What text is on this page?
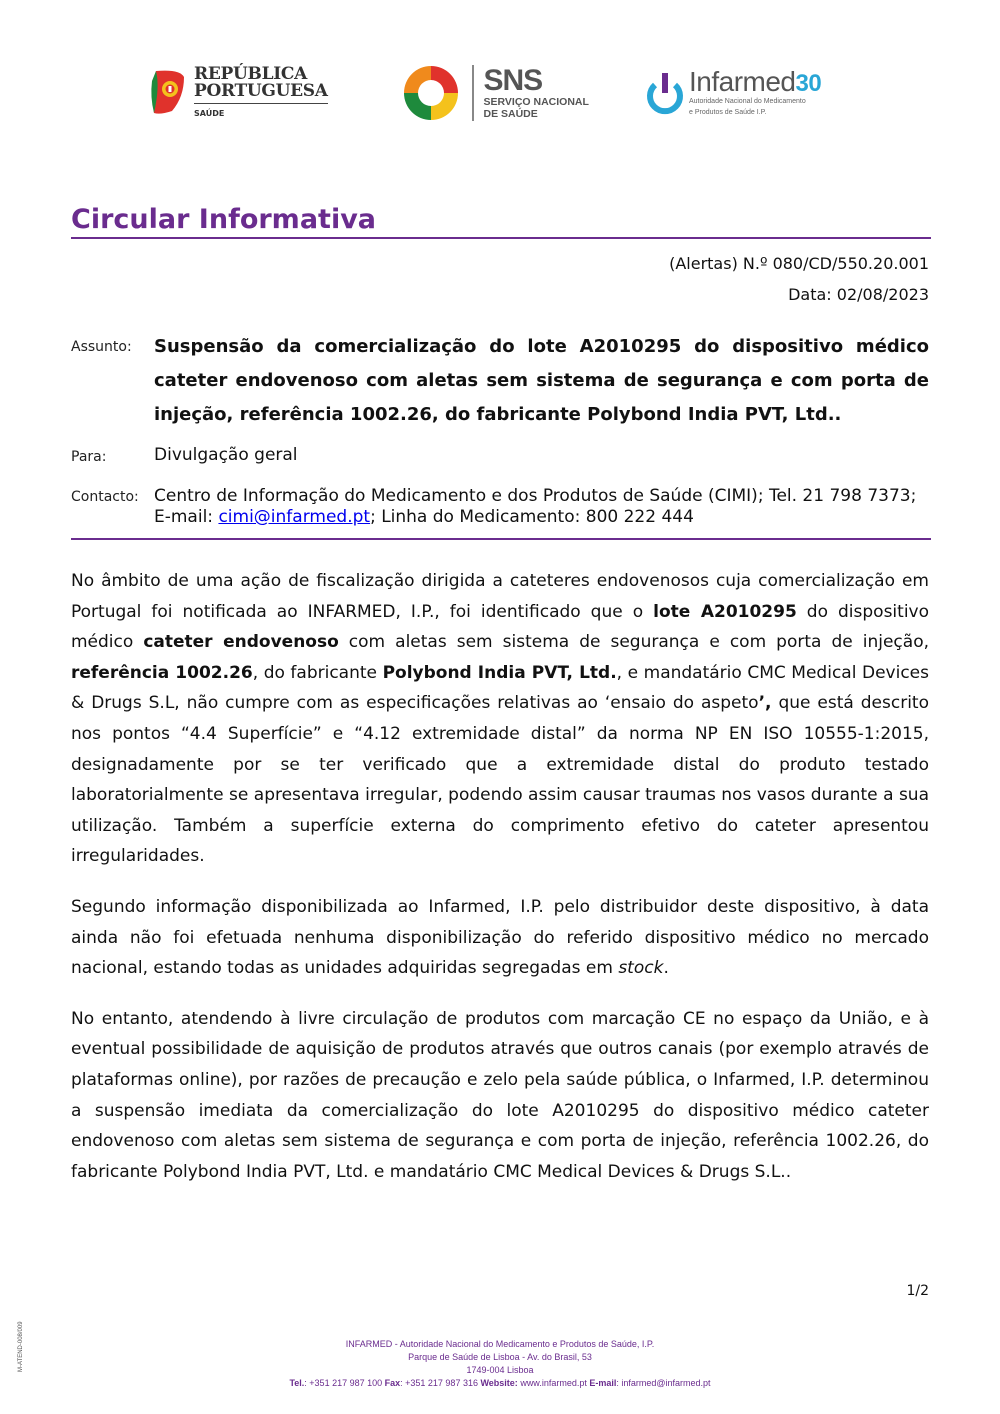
REPÚBLICA
PORTUGUESA
SAÚDE
SNS
SERVIÇO NACIONAL
DE SAÚDE
Infarmed30
Autoridade Nacional do Medicamento
e Produtos de Saúde I.P.
Circular Informativa
(Alertas) N.º 080/CD/550.20.001
Data: 02/08/2023
Assunto: Suspensão da comercialização do lote A2010295 do dispositivo médico cateter endovenoso com aletas sem sistema de segurança e com porta de injeção, referência 1002.26, do fabricante Polybond India PVT, Ltd..
Para:	Divulgação geral
Contacto: Centro de Informação do Medicamento e dos Produtos de Saúde (CIMI); Tel. 21 798 7373;
E-mail: cimi@infarmed.pt; Linha do Medicamento: 800 222 444

No âmbito de uma ação de fiscalização dirigida a cateteres endovenosos cuja comercialização em Portugal foi notificada ao INFARMED, I.P., foi identificado que o lote A2010295 do dispositivo médico cateter endovenoso com aletas sem sistema de segurança e com porta de injeção, referência 1002.26, do fabricante Polybond India PVT, Ltd., e mandatário CMC Medical Devices & Drugs S.L, não cumpre com as especificações relativas ao ‘ensaio do aspeto’, que está descrito nos pontos “4.4 Superfície” e “4.12 extremidade distal” da norma NP EN ISO 10555-1:2015, designadamente por se ter verificado que a extremidade distal do produto testado laboratorialmente se apresentava irregular, podendo assim causar traumas nos vasos durante a sua utilização. Também a superfície externa do comprimento efetivo do cateter apresentou irregularidades.

Segundo informação disponibilizada ao Infarmed, I.P. pelo distribuidor deste dispositivo, à data ainda não foi efetuada nenhuma disponibilização do referido dispositivo médico no mercado nacional, estando todas as unidades adquiridas segregadas em stock.

No entanto, atendendo à livre circulação de produtos com marcação CE no espaço da União, e à eventual possibilidade de aquisição de produtos através que outros canais (por exemplo através de plataformas online), por razões de precaução e zelo pela saúde pública, o Infarmed, I.P. determinou a suspensão imediata da comercialização do lote A2010295 do dispositivo médico cateter endovenoso com aletas sem sistema de segurança e com porta de injeção, referência 1002.26, do fabricante Polybond India PVT, Ltd. e mandatário CMC Medical Devices & Drugs S.L..

1/2
INFARMED - Autoridade Nacional do Medicamento e Produtos de Saúde, I.P.
Parque de Saúde de Lisboa - Av. do Brasil, 53
1749-004 Lisboa
Tel.: +351 217 987 100 Fax: +351 217 987 316 Website: www.infarmed.pt E-mail: infarmed@infarmed.pt
M-ATEND-008/009
